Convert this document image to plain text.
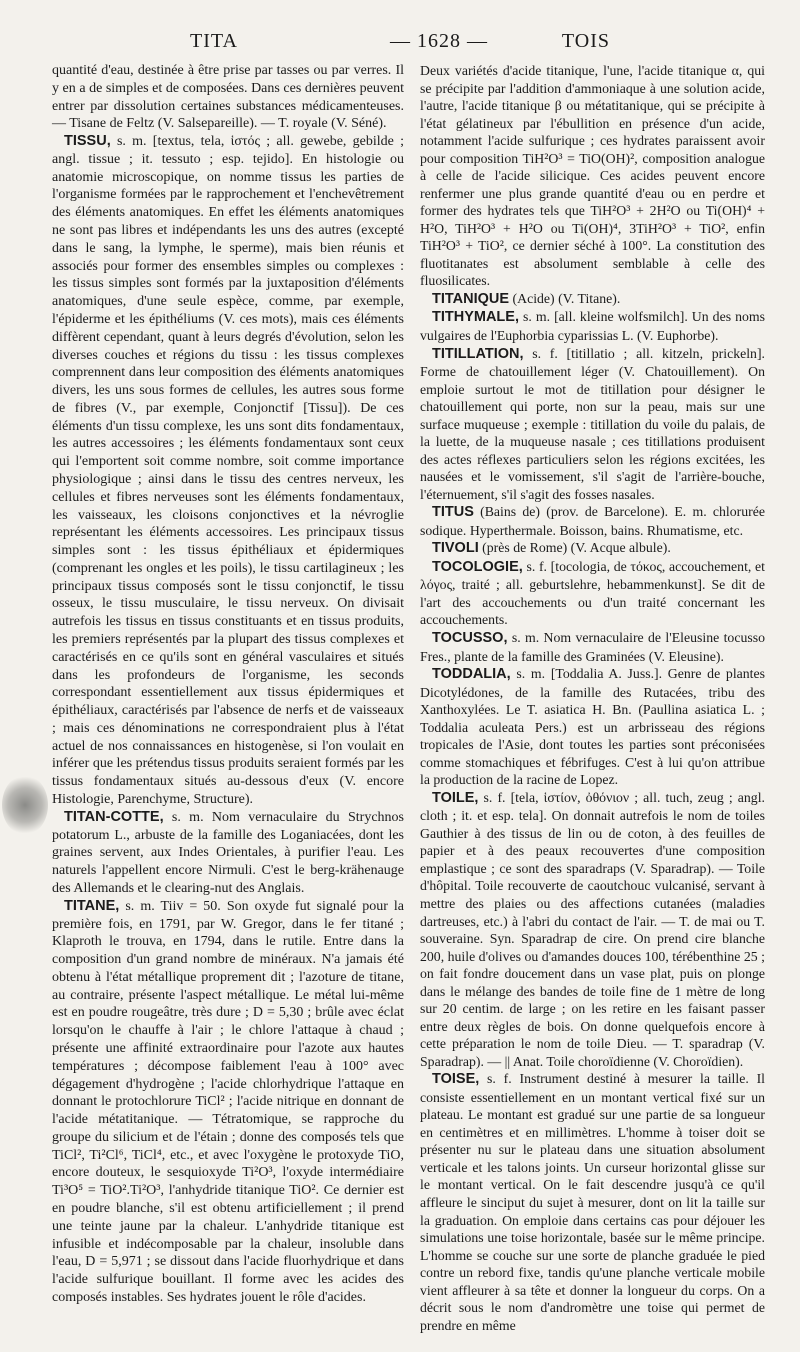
TITA	— 1628 —	TOIS

quantité d'eau, destinée à être prise par tasses ou par verres. Il y en a de simples et de composées. Dans ces dernières peuvent entrer par dissolution certaines substances médicamenteuses. — Tisane de Feltz (V. Salsepareille). — T. royale (V. Séné).

TISSU, s. m. [textus, tela, ἱστός ; all. gewebe, gebilde ; angl. tissue ; it. tessuto ; esp. tejido]. En histologie ou anatomie microscopique, on nomme tissus les parties de l'organisme formées par le rapprochement et l'enchevêtrement des éléments anatomiques. En effet les éléments anatomiques ne sont pas libres et indépendants les uns des autres (excepté dans le sang, la lymphe, le sperme), mais bien réunis et associés pour former des ensembles simples ou complexes : les tissus simples sont formés par la juxtaposition d'éléments anatomiques, d'une seule espèce, comme, par exemple, l'épiderme et les épithéliums (V. ces mots), mais ces éléments diffèrent cependant, quant à leurs degrés d'évolution, selon les diverses couches et régions du tissu : les tissus complexes comprennent dans leur composition des éléments anatomiques divers, les uns sous formes de cellules, les autres sous forme de fibres (V., par exemple, Conjonctif [Tissu]). De ces éléments d'un tissu complexe, les uns sont dits fondamentaux, les autres accessoires ; les éléments fondamentaux sont ceux qui l'emportent soit comme nombre, soit comme importance physiologique ; ainsi dans le tissu des centres nerveux, les cellules et fibres nerveuses sont les éléments fondamentaux, les vaisseaux, les cloisons conjonctives et la névroglie représentant les éléments accessoires. Les principaux tissus simples sont : les tissus épithéliaux et épidermiques (comprenant les ongles et les poils), le tissu cartilagineux ; les principaux tissus composés sont le tissu conjonctif, le tissu osseux, le tissu musculaire, le tissu nerveux. On divisait autrefois les tissus en tissus constituants et en tissus produits, les premiers représentés par la plupart des tissus complexes et caractérisés en ce qu'ils sont en général vasculaires et situés dans les profondeurs de l'organisme, les seconds correspondant essentiellement aux tissus épidermiques et épithéliaux, caractérisés par l'absence de nerfs et de vaisseaux ; mais ces dénominations ne correspondraient plus à l'état actuel de nos connaissances en histogenèse, si l'on voulait en inférer que les prétendus tissus produits seraient formés par les tissus fondamentaux situés au-dessous d'eux (V. encore Histologie, Parenchyme, Structure).

TITAN-COTTE, s. m. Nom vernaculaire du Strychnos potatorum L., arbuste de la famille des Loganiacées, dont les graines servent, aux Indes Orientales, à purifier l'eau. Les naturels l'appellent encore Nirmuli. C'est le berg-krähenauge des Allemands et le clearing-nut des Anglais.

TITANE, s. m. Tiiv = 50. Son oxyde fut signalé pour la première fois, en 1791, par W. Gregor, dans le fer titané ; Klaproth le trouva, en 1794, dans le rutile. Entre dans la composition d'un grand nombre de minéraux. N'a jamais été obtenu à l'état métallique proprement dit ; l'azoture de titane, au contraire, présente l'aspect métallique. Le métal lui-même est en poudre rougeâtre, très dure ; D = 5,30 ; brûle avec éclat lorsqu'on le chauffe à l'air ; le chlore l'attaque à chaud ; présente une affinité extraordinaire pour l'azote aux hautes températures ; décompose faiblement l'eau à 100° avec dégagement d'hydrogène ; l'acide chlorhydrique l'attaque en donnant le protochlorure TiCl² ; l'acide nitrique en donnant de l'acide métatitanique. — Tétratomique, se rapproche du groupe du silicium et de l'étain ; donne des composés tels que TiCl², Ti²Cl⁶, TiCl⁴, etc., et avec l'oxygène le protoxyde TiO, encore douteux, le sesquioxyde Ti²O³, l'oxyde intermédiaire Ti³O⁵ = TiO².Ti²O³, l'anhydride titanique TiO². Ce dernier est en poudre blanche, s'il est obtenu artificiellement ; il prend une teinte jaune par la chaleur. L'anhydride titanique est infusible et indécomposable par la chaleur, insoluble dans l'eau, D = 5,971 ; se dissout dans l'acide fluorhydrique et dans l'acide sulfurique bouillant. Il forme avec les acides des composés instables. Ses hydrates jouent le rôle d'acides.

Deux variétés d'acide titanique, l'une, l'acide titanique α, qui se précipite par l'addition d'ammoniaque à une solution acide, l'autre, l'acide titanique β ou métatitanique, qui se précipite à l'état gélatineux par l'ébullition en présence d'un acide, notamment l'acide sulfurique ; ces hydrates paraissent avoir pour composition TiH²O³ = TiO(OH)², composition analogue à celle de l'acide silicique. Ces acides peuvent encore renfermer une plus grande quantité d'eau ou en perdre et former des hydrates tels que TiH²O³ + 2H²O ou Ti(OH)⁴ + H²O, TiH²O³ + H²O ou Ti(OH)⁴, 3TiH²O³ + TiO², enfin TiH²O³ + TiO², ce dernier séché à 100°. La constitution des fluotitanates est absolument semblable à celle des fluosilicates.

TITANIQUE (Acide) (V. Titane).

TITHYMALE, s. m. [all. kleine wolfsmilch]. Un des noms vulgaires de l'Euphorbia cyparissias L. (V. Euphorbe).

TITILLATION, s. f. [titillatio ; all. kitzeln, prickeln]. Forme de chatouillement léger (V. Chatouillement). On emploie surtout le mot de titillation pour désigner le chatouillement qui porte, non sur la peau, mais sur une surface muqueuse ; exemple : titillation du voile du palais, de la luette, de la muqueuse nasale ; ces titillations produisent des actes réflexes particuliers selon les régions excitées, les nausées et le vomissement, s'il s'agit de l'arrière-bouche, l'éternuement, s'il s'agit des fosses nasales.

TITUS (Bains de) (prov. de Barcelone). E. m. chlorurée sodique. Hyperthermale. Boisson, bains. Rhumatisme, etc.

TIVOLI (près de Rome) (V. Acque albule).

TOCOLOGIE, s. f. [tocologia, de τόκος, accouchement, et λόγος, traité ; all. geburtslehre, hebammenkunst]. Se dit de l'art des accouchements ou d'un traité concernant les accouchements.

TOCUSSO, s. m. Nom vernaculaire de l'Eleusine tocusso Fres., plante de la famille des Graminées (V. Eleusine).

TODDALIA, s. m. [Toddalia A. Juss.]. Genre de plantes Dicotylédones, de la famille des Rutacées, tribu des Xanthoxylées. Le T. asiatica H. Bn. (Paullina asiatica L. ; Toddalia aculeata Pers.) est un arbrisseau des régions tropicales de l'Asie, dont toutes les parties sont préconisées comme stomachiques et fébrifuges. C'est à lui qu'on attribue la production de la racine de Lopez.

TOILE, s. f. [tela, ἱστίον, ὀθόνιον ; all. tuch, zeug ; angl. cloth ; it. et esp. tela]. On donnait autrefois le nom de toiles Gauthier à des tissus de lin ou de coton, à des feuilles de papier et à des peaux recouvertes d'une composition emplastique ; ce sont des sparadraps (V. Sparadrap). — Toile d'hôpital. Toile recouverte de caoutchouc vulcanisé, servant à mettre des plaies ou des affections cutanées (maladies dartreuses, etc.) à l'abri du contact de l'air. — T. de mai ou T. souveraine. Syn. Sparadrap de cire. On prend cire blanche 200, huile d'olives ou d'amandes douces 100, térébenthine 25 ; on fait fondre doucement dans un vase plat, puis on plonge dans le mélange des bandes de toile fine de 1 mètre de long sur 20 centim. de large ; on les retire en les faisant passer entre deux règles de bois. On donne quelquefois encore à cette préparation le nom de toile Dieu. — T. sparadrap (V. Sparadrap). — || Anat. Toile choroïdienne (V. Choroïdien).

TOISE, s. f. Instrument destiné à mesurer la taille. Il consiste essentiellement en un montant vertical fixé sur un plateau. Le montant est gradué sur une partie de sa longueur en centimètres et en millimètres. L'homme à toiser doit se présenter nu sur le plateau dans une situation absolument verticale et les talons joints. Un curseur horizontal glisse sur le montant vertical. On le fait descendre jusqu'à ce qu'il affleure le sinciput du sujet à mesurer, dont on lit la taille sur la graduation. On emploie dans certains cas pour déjouer les simulations une toise horizontale, basée sur le même principe. L'homme se couche sur une sorte de planche graduée le pied contre un rebord fixe, tandis qu'une planche verticale mobile vient affleurer à sa tête et donner la longueur du corps. On a décrit sous le nom d'andromètre une toise qui permet de prendre en même
